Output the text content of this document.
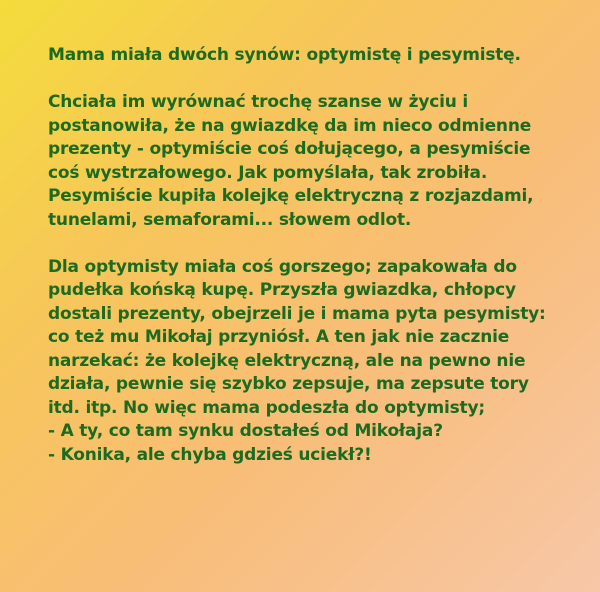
Mama miała dwóch synów: optymistę i pesymistę.
Chciała im wyrównać trochę szanse w życiu i
postanowiła, że na gwiazdkę da im nieco odmienne
prezenty - optymiście coś dołującego, a pesymiście
coś wystrzałowego. Jak pomyślała, tak zrobiła.
Pesymiście kupiła kolejkę elektryczną z rozjazdami,
tunelami, semaforami... słowem odlot.
Dla optymisty miała coś gorszego; zapakowała do
pudełka końską kupę. Przyszła gwiazdka, chłopcy
dostali prezenty, obejrzeli je i mama pyta pesymisty:
co też mu Mikołaj przyniósł. A ten jak nie zacznie
narzekać: że kolejkę elektryczną, ale na pewno nie
działa, pewnie się szybko zepsuje, ma zepsute tory
itd. itp. No więc mama podeszła do optymisty;
- A ty, co tam synku dostałeś od Mikołaja?
- Konika, ale chyba gdzieś uciekł?!
